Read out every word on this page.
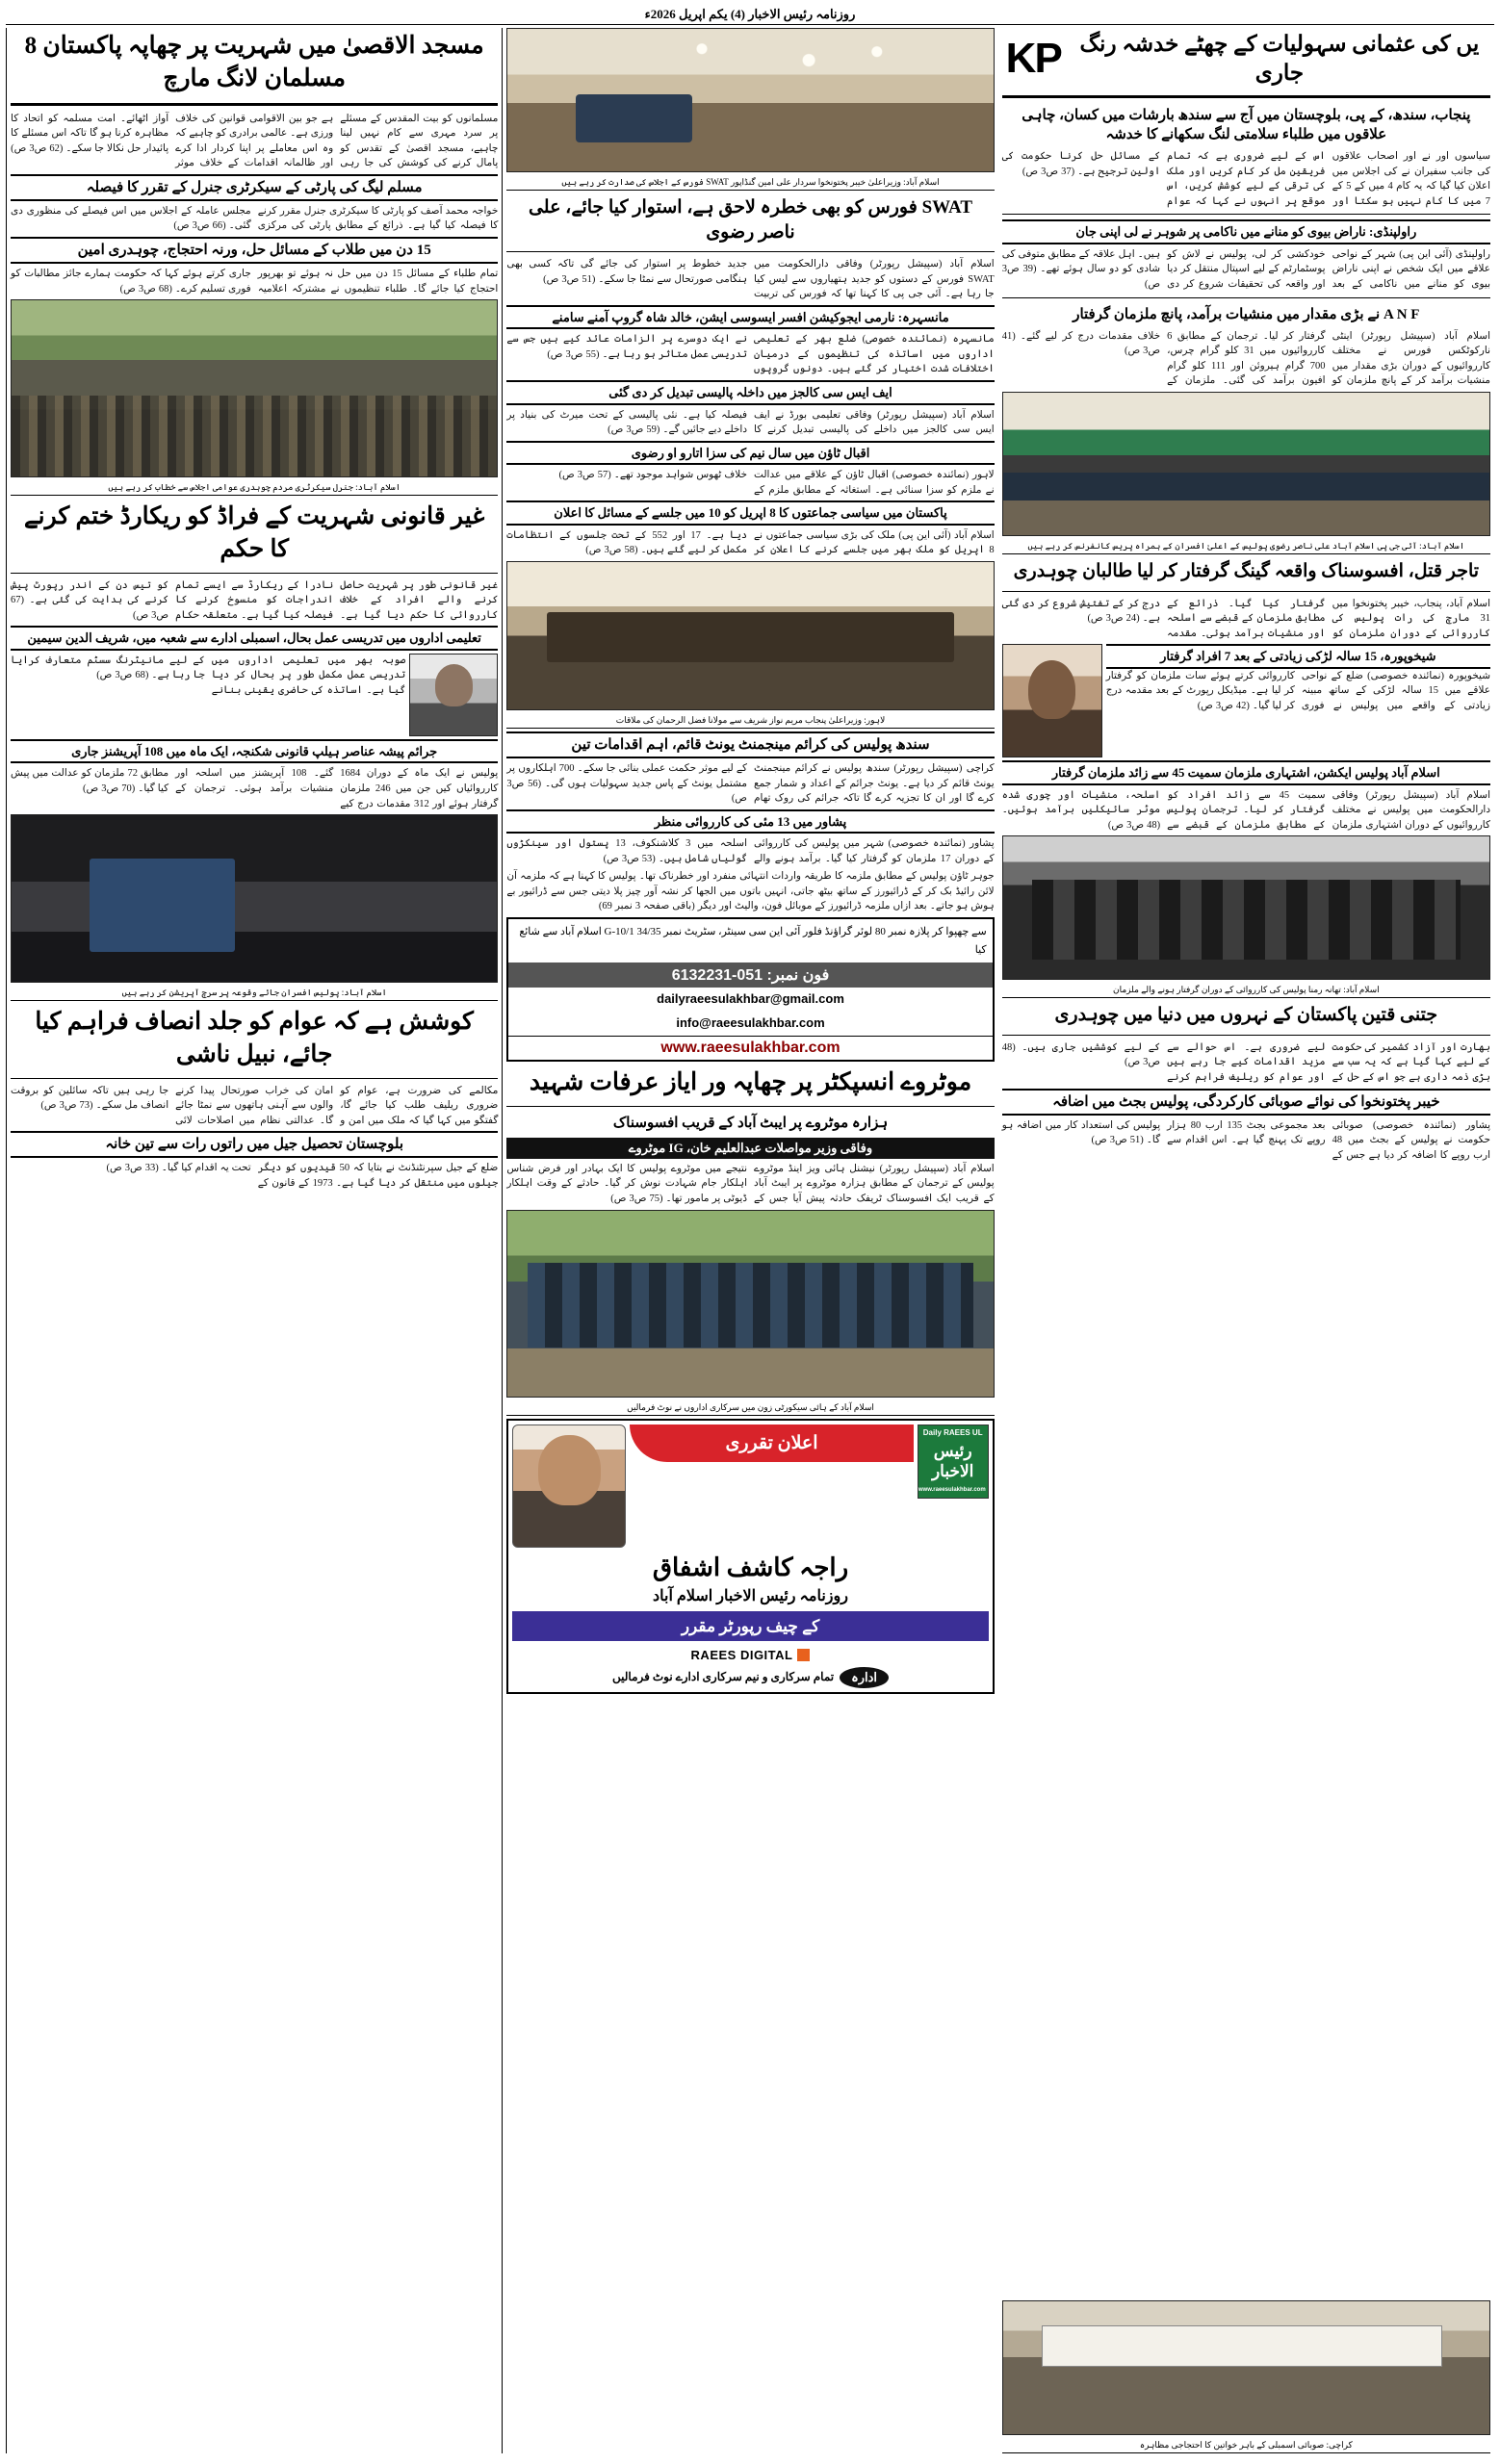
روزنامہ رئیس الاخبار (4) یکم اپریل 2026ء
یں کی عثمانی سہولیات کے چھٹے خدشہ رنگ جاری
KP
پنجاب، سندھ، کے پی، بلوچستان میں آج سے سندھ بارشات میں کسان، چاہی علاقوں میں طلباء سلامتی لنگ سکھانے کا خدشہ
سیاسوں اور نے اور اصحاب علاقوں کی جانب سفیران نے کی اجلاس میں اعلان کیا گیا کہ یہ کام 4 میں کے 5 کے 7 میں کا کام نہیں ہو سکتا اور اس کے لیے ضروری ہے کہ تمام فریقین مل کر کام کریں اور ملک کی ترقی کے لیے کوشش کریں، اس موقع پر انہوں نے کہا کہ عوام کے مسائل حل کرنا حکومت کی اولین ترجیح ہے۔ (37 ص3 ص)
راولپنڈی: ناراض بیوی کو منانے میں ناکامی پر شوہر نے لی اپنی جان
راولپنڈی (آئی این پی) شہر کے نواحی علاقے میں ایک شخص نے اپنی ناراض بیوی کو منانے میں ناکامی کے بعد خودکشی کر لی، پولیس نے لاش کو پوسٹمارٹم کے لیے اسپتال منتقل کر دیا اور واقعہ کی تحقیقات شروع کر دی ہیں۔ اہل علاقہ کے مطابق متوفی کی شادی کو دو سال ہوئے تھے۔ (39 ص3 ص)
A N F نے بڑی مقدار میں منشیات برآمد، پانچ ملزمان گرفتار
اسلام آباد (سپیشل رپورٹر) اینٹی نارکوٹکس فورس نے مختلف کارروائیوں کے دوران بڑی مقدار میں منشیات برآمد کر کے پانچ ملزمان کو گرفتار کر لیا۔ ترجمان کے مطابق 6 کارروائیوں میں 31 کلو گرام چرس، 700 گرام ہیروئن اور 111 کلو گرام افیون برآمد کی گئی۔ ملزمان کے خلاف مقدمات درج کر لیے گئے۔ (41 ص3 ص)
اسلام آباد: آئی جی پی اسلام آباد علی ناصر رضوی پولیس کے اعلیٰ افسران کے ہمراہ پریس کانفرنس کر رہے ہیں
تاجر قتل، افسوسناک واقعہ گینگ گرفتار کر لیا طالبان چوہدری
اسلام آباد، پنجاب، خیبر پختونخوا میں 31 مارچ کی رات پولیس کی کارروائی کے دوران ملزمان کو گرفتار کیا گیا۔ ذرائع کے مطابق ملزمان کے قبضے سے اسلحہ اور منشیات برآمد ہوئی۔ مقدمہ درج کر کے تفتیش شروع کر دی گئی ہے۔ (24 ص3 ص)
شیخوپورہ، 15 سالہ لڑکی زیادتی کے بعد 7 افراد گرفتار
شیخوپورہ (نمائندہ خصوصی) ضلع کے نواحی علاقے میں 15 سالہ لڑکی کے ساتھ مبینہ زیادتی کے واقعے میں پولیس نے فوری کارروائی کرتے ہوئے سات ملزمان کو گرفتار کر لیا ہے۔ میڈیکل رپورٹ کے بعد مقدمہ درج کر لیا گیا۔ (42 ص3 ص)
اسلام آباد پولیس ایکشن، اشتہاری ملزمان سمیت 45 سے زائد ملزمان گرفتار
اسلام آباد (سپیشل رپورٹر) وفاقی دارالحکومت میں پولیس نے مختلف کارروائیوں کے دوران اشتہاری ملزمان سمیت 45 سے زائد افراد کو گرفتار کر لیا۔ ترجمان پولیس کے مطابق ملزمان کے قبضے سے اسلحہ، منشیات اور چوری شدہ موٹر سائیکلیں برآمد ہوئیں۔ (48 ص3 ص)
اسلام آباد: تھانہ رمنا پولیس کی کارروائی کے دوران گرفتار ہونے والے ملزمان
جتنی قتین پاکستان کے نہروں میں دنیا میں چوہدری
بھارت اور آزاد کشمیر کی حکومت کے لیے کہا گیا ہے کہ یہ سب سے بڑی ذمہ داری ہے جو اس کے حل کے لیے ضروری ہے۔ اس حوالے سے مزید اقدامات کیے جا رہے ہیں اور عوام کو ریلیف فراہم کرنے کے لیے کوششیں جاری ہیں۔ (48 ص3 ص)
خیبر پختونخوا کی نوائے صوبائی کارکردگی، پولیس بجٹ میں اضافہ
پشاور (نمائندہ خصوصی) صوبائی حکومت نے پولیس کے بجٹ میں 48 ارب روپے کا اضافہ کر دیا ہے جس کے بعد مجموعی بجٹ 135 ارب 80 ہزار روپے تک پہنچ گیا ہے۔ اس اقدام سے پولیس کی استعداد کار میں اضافہ ہو گا۔ (51 ص3 ص)
کراچی: صوبائی اسمبلی کے باہر خواتین کا احتجاجی مظاہرہ
اسلام آباد: وزیراعلیٰ خیبر پختونخوا سردار علی امین گنڈاپور SWAT فورس کے اجلاس کی صدارت کر رہے ہیں
SWAT فورس کو بھی خطرہ لاحق ہے، استوار کیا جائے، علی ناصر رضوی
اسلام آباد (سپیشل رپورٹر) وفاقی دارالحکومت میں SWAT فورس کے دستوں کو جدید ہتھیاروں سے لیس کیا جا رہا ہے۔ آئی جی پی کا کہنا تھا کہ فورس کی تربیت جدید خطوط پر استوار کی جائے گی تاکہ کسی بھی ہنگامی صورتحال سے نمٹا جا سکے۔ (51 ص3 ص)
مانسہرہ: نارمی ایجوکیشن افسر ایسوسی ایشن، خالد شاہ گروپ آمنے سامنے
مانسہرہ (نمائندہ خصوصی) ضلع بھر کے تعلیمی اداروں میں اساتذہ کی تنظیموں کے درمیان اختلافات شدت اختیار کر گئے ہیں۔ دونوں گروپوں نے ایک دوسرے پر الزامات عائد کیے ہیں جس سے تدریسی عمل متاثر ہو رہا ہے۔ (55 ص3 ص)
ایف ایس سی کالجز میں داخلہ پالیسی تبدیل کر دی گئی
اسلام آباد (سپیشل رپورٹر) وفاقی تعلیمی بورڈ نے ایف ایس سی کالجز میں داخلے کی پالیسی تبدیل کرنے کا فیصلہ کیا ہے۔ نئی پالیسی کے تحت میرٹ کی بنیاد پر داخلے دیے جائیں گے۔ (59 ص3 ص)
اقبال ٹاؤن میں سال نیم کی سزا اتارو او رضوی
لاہور (نمائندہ خصوصی) اقبال ٹاؤن کے علاقے میں عدالت نے ملزم کو سزا سنائی ہے۔ استغاثہ کے مطابق ملزم کے خلاف ٹھوس شواہد موجود تھے۔ (57 ص3 ص)
پاکستان میں سیاسی جماعتوں کا 8 اپریل کو 10 میں جلسے کے مسائل کا اعلان
اسلام آباد (آئی این پی) ملک کی بڑی سیاسی جماعتوں نے 8 اپریل کو ملک بھر میں جلسے کرنے کا اعلان کر دیا ہے۔ 17 اور 552 کے تحت جلسوں کے انتظامات مکمل کر لیے گئے ہیں۔ (58 ص3 ص)
لاہور: وزیراعلیٰ پنجاب مریم نواز شریف سے مولانا فضل الرحمان کی ملاقات
سندھ پولیس کی کرائم مینجمنٹ یونٹ قائم، اہم اقدامات تین
کراچی (سپیشل رپورٹر) سندھ پولیس نے کرائم مینجمنٹ یونٹ قائم کر دیا ہے۔ یونٹ جرائم کے اعداد و شمار جمع کرے گا اور ان کا تجزیہ کرے گا تاکہ جرائم کی روک تھام کے لیے موثر حکمت عملی بنائی جا سکے۔ 700 اہلکاروں پر مشتمل یونٹ کے پاس جدید سہولیات ہوں گی۔ (56 ص3 ص)
پشاور میں 13 مئی کی کارروائی منظر
پشاور (نمائندہ خصوصی) شہر میں پولیس کی کارروائی کے دوران 17 ملزمان کو گرفتار کیا گیا۔ برآمد ہونے والے اسلحہ میں 3 کلاشنکوف، 13 پستول اور سینکڑوں گولیاں شامل ہیں۔ (53 ص3 ص)
جوہر ٹاؤن پولیس کے مطابق ملزمہ کا طریقہ واردات انتہائی منفرد اور خطرناک تھا۔ پولیس کا کہنا ہے کہ ملزمہ آن لائن رائیڈ بک کر کے ڈرائیورز کے ساتھ بیٹھ جاتی، انہیں باتوں میں الجھا کر نشہ آور چیز پلا دیتی جس سے ڈرائیور بے ہوش ہو جاتے۔ بعد ازاں ملزمہ ڈرائیورز کے موبائل فون، والیٹ اور دیگر (باقی صفحہ 3 نمبر 69)
سے چھپوا کر پلازہ نمبر 80 لوئر گراؤنڈ فلور آئی این سی سینٹر، سٹریٹ نمبر 34/35 G-10/1 اسلام آباد سے شائع کیا
فون نمبر: 051-6132231
dailyraeesulakhbar@gmail.com
info@raeesulakhbar.com
www.raeesulakhbar.com
موٹروے انسپکٹر پر چھاپہ ور ایاز عرفات شہید
ہزارہ موٹروے پر ایبٹ آباد کے قریب افسوسناک
وفاقی وزیر مواصلات عبدالعلیم خان، IG موٹروے
اسلام آباد (سپیشل رپورٹر) نیشنل ہائی ویز اینڈ موٹروے پولیس کے ترجمان کے مطابق ہزارہ موٹروے پر ایبٹ آباد کے قریب ایک افسوسناک ٹریفک حادثہ پیش آیا جس کے نتیجے میں موٹروے پولیس کا ایک بہادر اور فرض شناس اہلکار جام شہادت نوش کر گیا۔ حادثے کے وقت اہلکار ڈیوٹی پر مامور تھا۔ (75 ص3 ص)
اسلام آباد کے ہائی سیکورٹی زون میں سرکاری اداروں نے نوٹ فرمالیں
Daily RAEES UL
رئیس الاخبار
www.raeesulakhbar.com
اعلان تقرری
راجہ کاشف اشفاق
روزنامہ رئیس الاخبار اسلام آباد
کے چیف رپورٹر مقرر
RAEES DIGITAL
ادارہ
تمام سرکاری و نیم سرکاری ادارے نوٹ فرمالیں
مسجد الاقصیٰ میں شہریت پر چھاپہ پاکستان 8 مسلمان لانگ مارچ
مسلمانوں کو بیت المقدس کے مسئلے پر سرد مہری سے کام نہیں لینا چاہیے، مسجد اقصیٰ کے تقدس کو پامال کرنے کی کوشش کی جا رہی ہے جو بین الاقوامی قوانین کی خلاف ورزی ہے۔ عالمی برادری کو چاہیے کہ وہ اس معاملے پر اپنا کردار ادا کرے اور ظالمانہ اقدامات کے خلاف موثر آواز اٹھائے۔ امت مسلمہ کو اتحاد کا مظاہرہ کرنا ہو گا تاکہ اس مسئلے کا پائیدار حل نکالا جا سکے۔ (62 ص3 ص)
مسلم لیگ کی پارٹی کے سیکرٹری جنرل کے تقرر کا فیصلہ
خواجہ محمد آصف کو پارٹی کا سیکرٹری جنرل مقرر کرنے کا فیصلہ کیا گیا ہے۔ ذرائع کے مطابق پارٹی کی مرکزی مجلس عاملہ کے اجلاس میں اس فیصلے کی منظوری دی گئی۔ (66 ص3 ص)
15 دن میں طلاب کے مسائل حل، ورنہ احتجاج، چوہدری امین
تمام طلباء کے مسائل 15 دن میں حل نہ ہوئے تو بھرپور احتجاج کیا جائے گا۔ طلباء تنظیموں نے مشترکہ اعلامیہ جاری کرتے ہوئے کہا کہ حکومت ہمارے جائز مطالبات کو فوری تسلیم کرے۔ (68 ص3 ص)
اسلام آباد: جنرل سیکرٹری مردم چوہدری عوامی اجلاس سے خطاب کر رہے ہیں
غیر قانونی شہریت کے فراڈ کو ریکارڈ ختم کرنے کا حکم
غیر قانونی طور پر شہریت حاصل کرنے والے افراد کے خلاف کارروائی کا حکم دیا گیا ہے۔ نادرا کے ریکارڈ سے ایسے تمام اندراجات کو منسوخ کرنے کا فیصلہ کیا گیا ہے۔ متعلقہ حکام کو تیس دن کے اندر رپورٹ پیش کرنے کی ہدایت کی گئی ہے۔ (67 ص3 ص)
تعلیمی اداروں میں تدریسی عمل بحال، اسمبلی ادارے سے شعبہ میں، شریف الدین سیمین
صوبہ بھر میں تعلیمی اداروں میں تدریسی عمل مکمل طور پر بحال کر دیا گیا ہے۔ اساتذہ کی حاضری یقینی بنانے کے لیے مانیٹرنگ سسٹم متعارف کرایا جا رہا ہے۔ (68 ص3 ص)
جرائم پیشہ عناصر ہیلپ قانونی شکنجہ، ایک ماہ میں 108 آپریشنز جاری
پولیس نے ایک ماہ کے دوران 1684 کارروائیاں کیں جن میں 246 ملزمان گرفتار ہوئے اور 312 مقدمات درج کیے گئے۔ 108 آپریشنز میں اسلحہ اور منشیات برآمد ہوئی۔ ترجمان کے مطابق 72 ملزمان کو عدالت میں پیش کیا گیا۔ (70 ص3 ص)
اسلام آباد: پولیس افسران جائے وقوعہ پر سرچ آپریشن کر رہے ہیں
کوشش ہے کہ عوام کو جلد انصاف فراہم کیا جائے، نبیل ناشی
مکالمے کی ضرورت ہے، عوام کو ضروری ریلیف طلب کیا جائے گا، گفتگو میں کہا گیا کہ ملک میں امن و امان کی خراب صورتحال پیدا کرنے والوں سے آہنی ہاتھوں سے نمٹا جائے گا۔ عدالتی نظام میں اصلاحات لائی جا رہی ہیں تاکہ سائلین کو بروقت انصاف مل سکے۔ (73 ص3 ص)
بلوچستان تحصیل جیل میں راتوں رات سے تین خانہ
ضلع کے جیل سپرنٹنڈنٹ نے بتایا کہ 50 قیدیوں کو دیگر جیلوں میں منتقل کر دیا گیا ہے۔ 1973 کے قانون کے تحت یہ اقدام کیا گیا۔ (33 ص3 ص)
